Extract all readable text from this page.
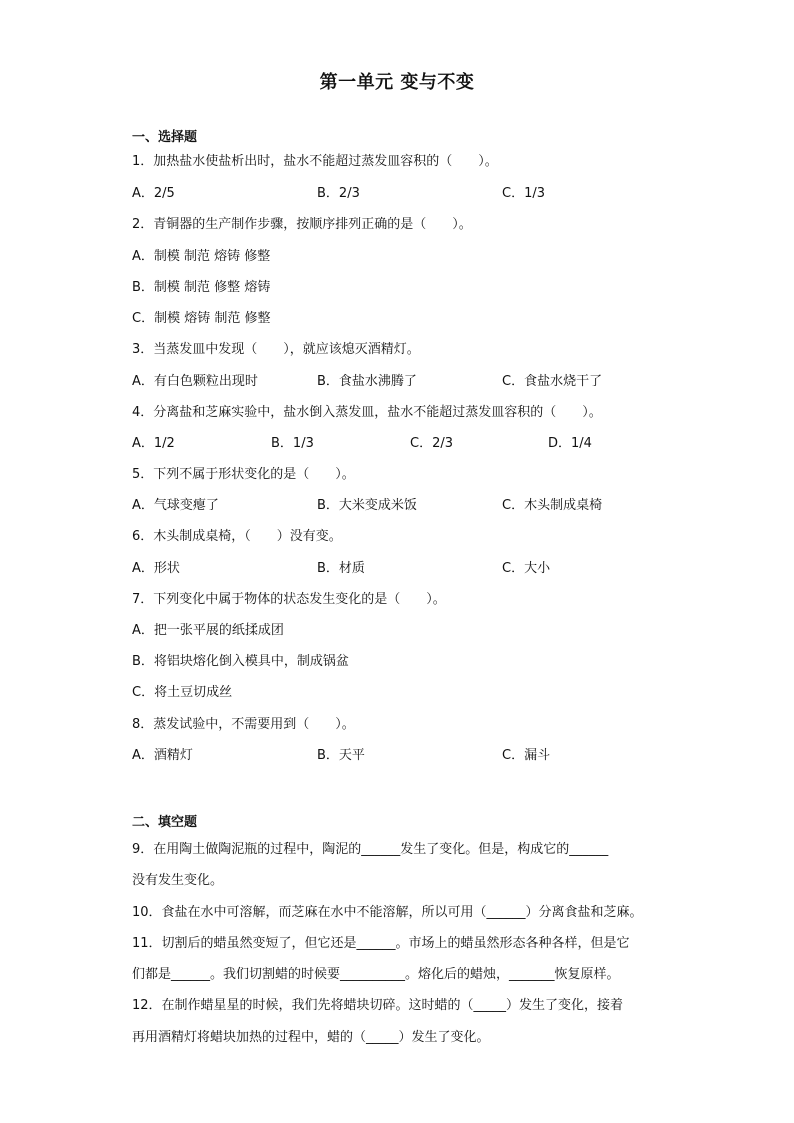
第一单元 变与不变
一、选择题
1．加热盐水使盐析出时，盐水不能超过蒸发皿容积的（　　）。
A．2/5	B．2/3	C．1/3
2．青铜器的生产制作步骤，按顺序排列正确的是（　　）。
A．制模 制范 熔铸 修整
B．制模 制范 修整 熔铸
C．制模 熔铸 制范 修整
3．当蒸发皿中发现（　　），就应该熄灭酒精灯。
A．有白色颗粒出现时	B．食盐水沸腾了	C．食盐水烧干了
4．分离盐和芝麻实验中，盐水倒入蒸发皿，盐水不能超过蒸发皿容积的（　　）。
A．1/2	B．1/3	C．2/3	D．1/4
5．下列不属于形状变化的是（　　）。
A．气球变瘪了	B．大米变成米饭	C．木头制成桌椅
6．木头制成桌椅，（　　）没有变。
A．形状	B．材质	C．大小
7．下列变化中属于物体的状态发生变化的是（　　）。
A．把一张平展的纸揉成团
B．将铝块熔化倒入模具中，制成锅盆
C．将土豆切成丝
8．蒸发试验中，不需要用到（　　）。
A．酒精灯	B．天平	C．漏斗
二、填空题
9．在用陶土做陶泥瓶的过程中，陶泥的______发生了变化。但是，构成它的______
没有发生变化。
10．食盐在水中可溶解，而芝麻在水中不能溶解，所以可用（______）分离食盐和芝麻。
11．切割后的蜡虽然变短了，但它还是______。市场上的蜡虽然形态各种各样，但是它
们都是______。我们切割蜡的时候要__________。熔化后的蜡烛，_______恢复原样。
12．在制作蜡星星的时候，我们先将蜡块切碎。这时蜡的（_____）发生了变化，接着
再用酒精灯将蜡块加热的过程中，蜡的（_____）发生了变化。
